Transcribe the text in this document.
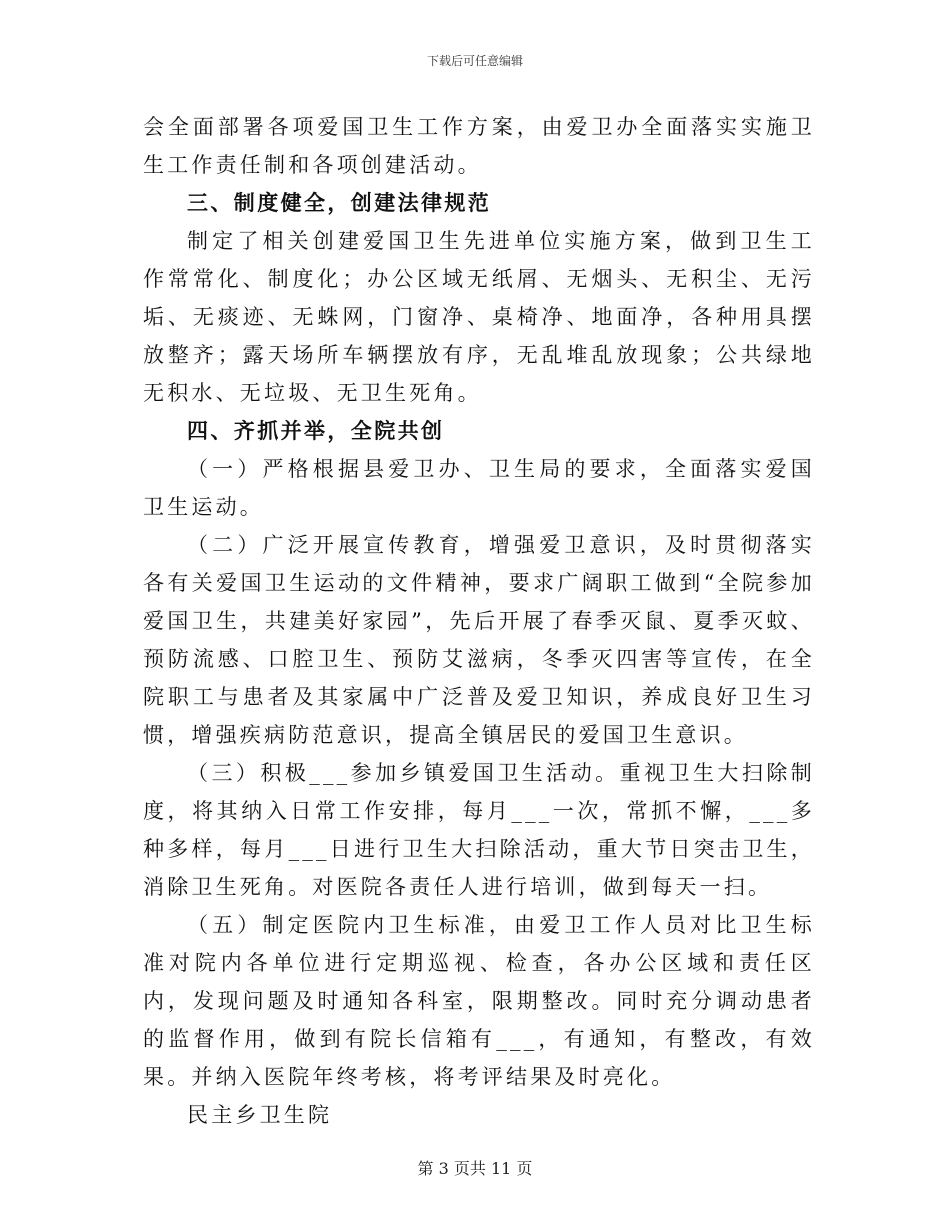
下载后可任意编辑

会全面部署各项爱国卫生工作方案，由爱卫办全面落实实施卫生工作责任制和各项创建活动。

三、制度健全，创建法律规范

制定了相关创建爱国卫生先进单位实施方案，做到卫生工作常常化、制度化；办公区域无纸屑、无烟头、无积尘、无污垢、无痰迹、无蛛网，门窗净、桌椅净、地面净，各种用具摆放整齐；露天场所车辆摆放有序，无乱堆乱放现象；公共绿地无积水、无垃圾、无卫生死角。

四、齐抓并举，全院共创

（一）严格根据县爱卫办、卫生局的要求，全面落实爱国卫生运动。

（二）广泛开展宣传教育，增强爱卫意识，及时贯彻落实各有关爱国卫生运动的文件精神，要求广阔职工做到“全院参加爱国卫生，共建美好家园”，先后开展了春季灭鼠、夏季灭蚊、预防流感、口腔卫生、预防艾滋病，冬季灭四害等宣传，在全院职工与患者及其家属中广泛普及爱卫知识，养成良好卫生习惯，增强疾病防范意识，提高全镇居民的爱国卫生意识。

（三）积极___参加乡镇爱国卫生活动。重视卫生大扫除制度，将其纳入日常工作安排，每月___一次，常抓不懈，___多种多样，每月___日进行卫生大扫除活动，重大节日突击卫生，消除卫生死角。对医院各责任人进行培训，做到每天一扫。

（五）制定医院内卫生标准，由爱卫工作人员对比卫生标准对院内各单位进行定期巡视、检查，各办公区域和责任区内，发现问题及时通知各科室，限期整改。同时充分调动患者的监督作用，做到有院长信箱有___，有通知，有整改，有效果。并纳入医院年终考核，将考评结果及时亮化。

民主乡卫生院

第 3 页共 11 页
